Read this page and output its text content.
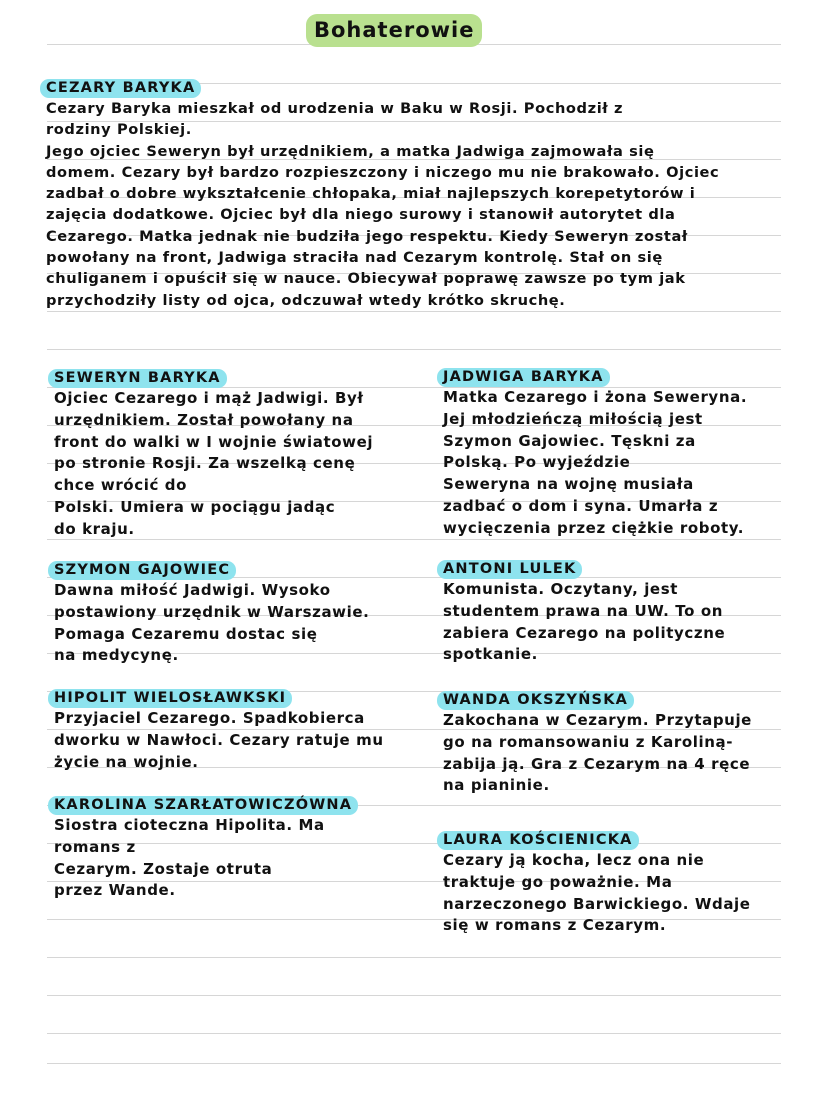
Bohaterowie
CEZARY BARYKA
Cezary Baryka mieszkał od urodzenia w Baku w Rosji. Pochodził z
rodziny Polskiej.
Jego ojciec Seweryn był urzędnikiem, a matka Jadwiga zajmowała się
domem. Cezary był bardzo rozpieszczony i niczego mu nie brakowało. Ojciec
zadbał o dobre wykształcenie chłopaka, miał najlepszych korepetytorów i
zajęcia dodatkowe. Ojciec był dla niego surowy i stanowił autorytet dla
Cezarego. Matka jednak nie budziła jego respektu. Kiedy Seweryn został
powołany na front, Jadwiga straciła nad Cezarym kontrolę. Stał on się
chuliganem i opuścił się w nauce. Obiecywał poprawę zawsze po tym jak
przychodziły listy od ojca, odczuwał wtedy krótko skruchę.
SEWERYN BARYKA
Ojciec Cezarego i mąż Jadwigi. Był
urzędnikiem. Został powołany na
front do walki w I wojnie światowej
po stronie Rosji. Za wszelką cenę
chce wrócić do
Polski. Umiera w pociągu jadąc
do kraju.
SZYMON GAJOWIEC
Dawna miłość Jadwigi. Wysoko
postawiony urzędnik w Warszawie.
Pomaga Cezaremu dostac się
na medycynę.
HIPOLIT WIELOSŁAWKSKI
Przyjaciel Cezarego. Spadkobierca
dworku w Nawłoci. Cezary ratuje mu
życie na wojnie.
KAROLINA SZARŁATOWICZÓWNA
Siostra cioteczna Hipolita. Ma
romans z
Cezarym. Zostaje otruta
przez Wande.
JADWIGA BARYKA
Matka Cezarego i żona Seweryna.
Jej młodzieńczą miłością jest
Szymon Gajowiec. Tęskni za
Polską. Po wyjeździe
Seweryna na wojnę musiała
zadbać o dom i syna. Umarła z
wycięczenia przez ciężkie roboty.
ANTONI LULEK
Komunista. Oczytany, jest
studentem prawa na UW. To on
zabiera Cezarego na polityczne
spotkanie.
WANDA OKSZYŃSKA
Zakochana w Cezarym. Przytapuje
go na romansowaniu z Karoliną-
zabija ją. Gra z Cezarym na 4 ręce
na pianinie.
LAURA KOŚCIENICKA
Cezary ją kocha, lecz ona nie
traktuje go poważnie. Ma
narzeczonego Barwickiego. Wdaje
się w romans z Cezarym.
